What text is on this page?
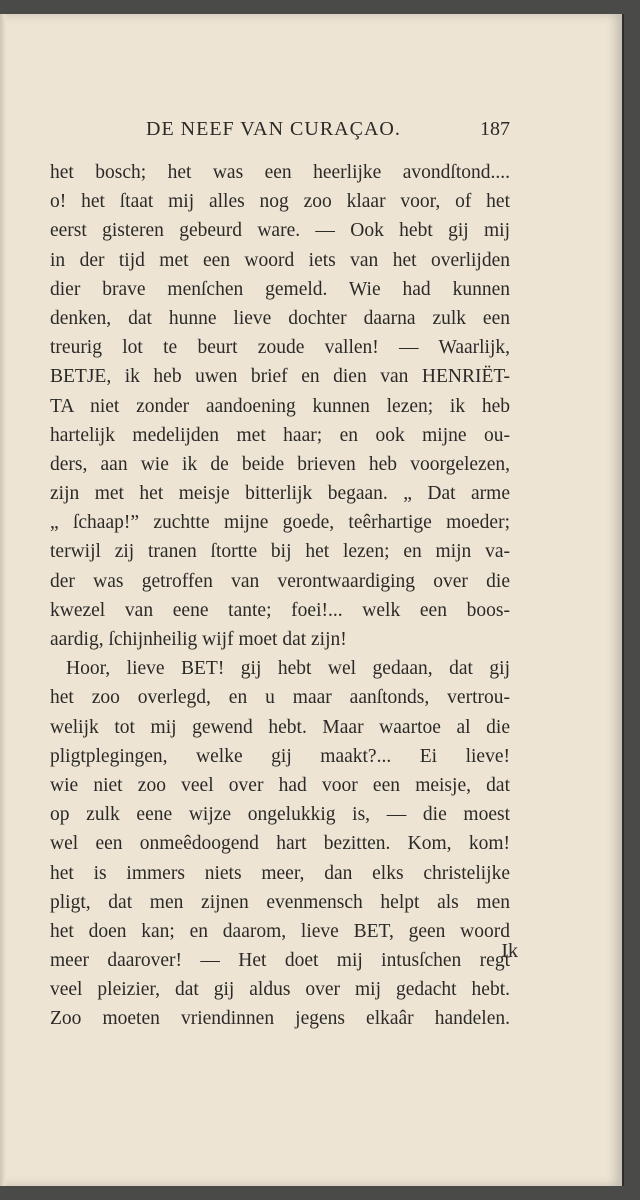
DE NEEF VAN CURAÇAO.	187
het bosch; het was een heerlijke avondſtond....
o! het ſtaat mij alles nog zoo klaar voor, of het
eerst gisteren gebeurd ware. — Ook hebt gij mij
in der tijd met een woord iets van het overlijden
dier brave menſchen gemeld. Wie had kunnen
denken, dat hunne lieve dochter daarna zulk een
treurig lot te beurt zoude vallen! — Waarlijk,
BETJE, ik heb uwen brief en dien van HENRIËT-
TA niet zonder aandoening kunnen lezen; ik heb
hartelijk medelijden met haar; en ook mijne ou-
ders, aan wie ik de beide brieven heb voorgelezen,
zijn met het meisje bitterlijk begaan. „ Dat arme
„ ſchaap!” zuchtte mijne goede, teêrhartige moeder;
terwijl zij tranen ſtortte bij het lezen; en mijn va-
der was getroffen van verontwaardiging over die
kwezel van eene tante; foei!... welk een boos-
aardig, ſchijnheilig wijf moet dat zijn!
Hoor, lieve BET! gij hebt wel gedaan, dat gij
het zoo overlegd, en u maar aanſtonds, vertrou-
welijk tot mij gewend hebt. Maar waartoe al die
pligtplegingen, welke gij maakt?... Ei lieve!
wie niet zoo veel over had voor een meisje, dat
op zulk eene wijze ongelukkig is, — die moest
wel een onmeêdoogend hart bezitten. Kom, kom!
het is immers niets meer, dan elks christelijke
pligt, dat men zijnen evenmensch helpt als men
het doen kan; en daarom, lieve BET, geen woord
meer daarover! — Het doet mij intusſchen regt
veel pleizier, dat gij aldus over mij gedacht hebt.
Zoo moeten vriendinnen jegens elkaâr handelen.
Ik
